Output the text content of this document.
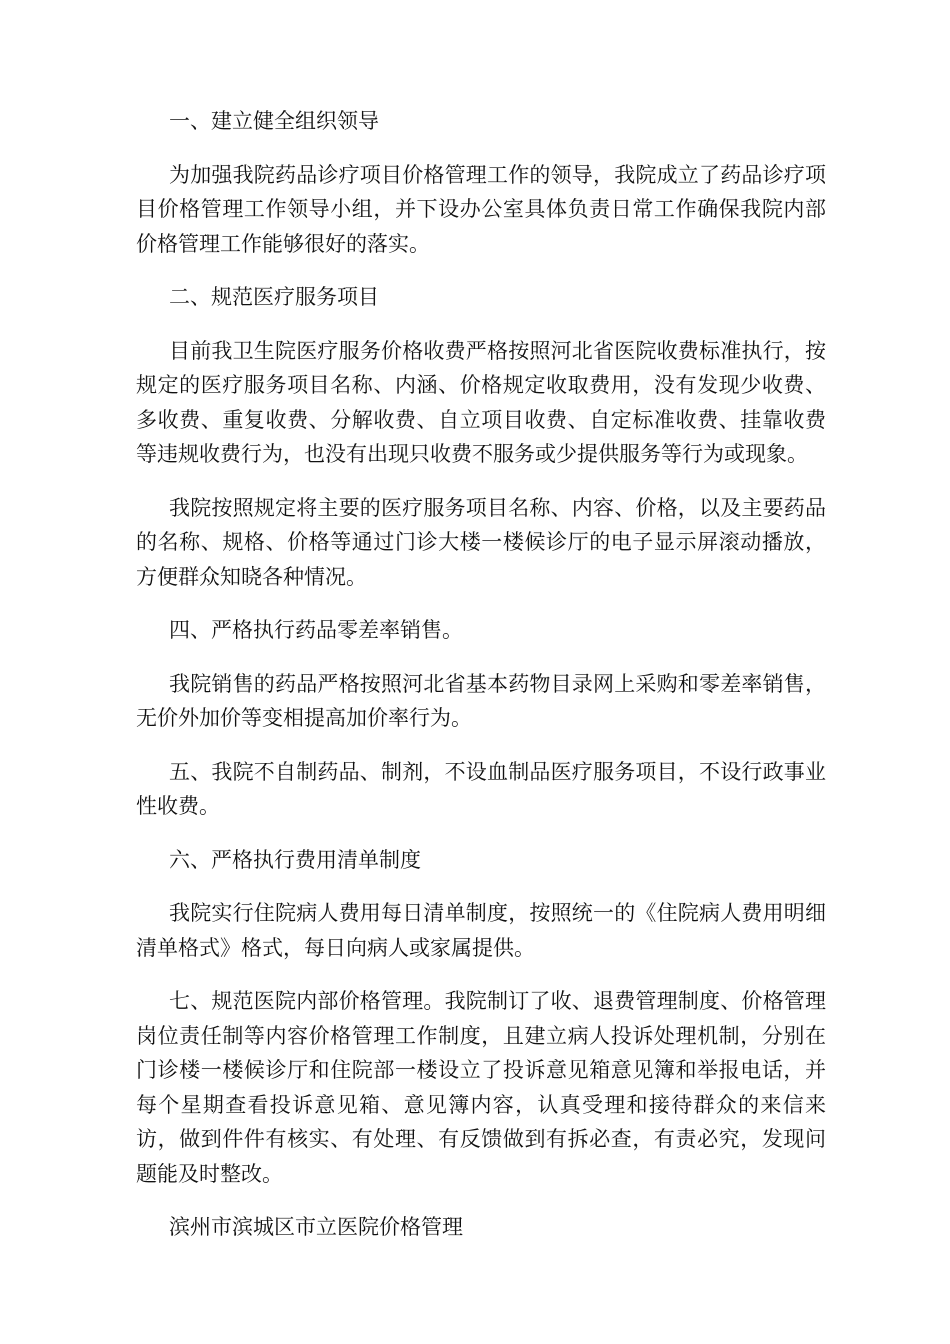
一、建立健全组织领导

为加强我院药品诊疗项目价格管理工作的领导，我院成立了药品诊疗项目价格管理工作领导小组，并下设办公室具体负责日常工作确保我院内部价格管理工作能够很好的落实。

二、规范医疗服务项目

目前我卫生院医疗服务价格收费严格按照河北省医院收费标准执行，按规定的医疗服务项目名称、内涵、价格规定收取费用，没有发现少收费、多收费、重复收费、分解收费、自立项目收费、自定标准收费、挂靠收费等违规收费行为，也没有出现只收费不服务或少提供服务等行为或现象。

我院按照规定将主要的医疗服务项目名称、内容、价格，以及主要药品的名称、规格、价格等通过门诊大楼一楼候诊厅的电子显示屏滚动播放，方便群众知晓各种情况。

四、严格执行药品零差率销售。

我院销售的药品严格按照河北省基本药物目录网上采购和零差率销售，无价外加价等变相提高加价率行为。

五、我院不自制药品、制剂，不设血制品医疗服务项目，不设行政事业性收费。

六、严格执行费用清单制度

我院实行住院病人费用每日清单制度，按照统一的《住院病人费用明细清单格式》格式，每日向病人或家属提供。

七、规范医院内部价格管理。我院制订了收、退费管理制度、价格管理岗位责任制等内容价格管理工作制度，且建立病人投诉处理机制，分别在门诊楼一楼候诊厅和住院部一楼设立了投诉意见箱意见簿和举报电话，并每个星期查看投诉意见箱、意见簿内容，认真受理和接待群众的来信来访，做到件件有核实、有处理、有反馈做到有拆必查，有责必究，发现问题能及时整改。

滨州市滨城区市立医院价格管理
